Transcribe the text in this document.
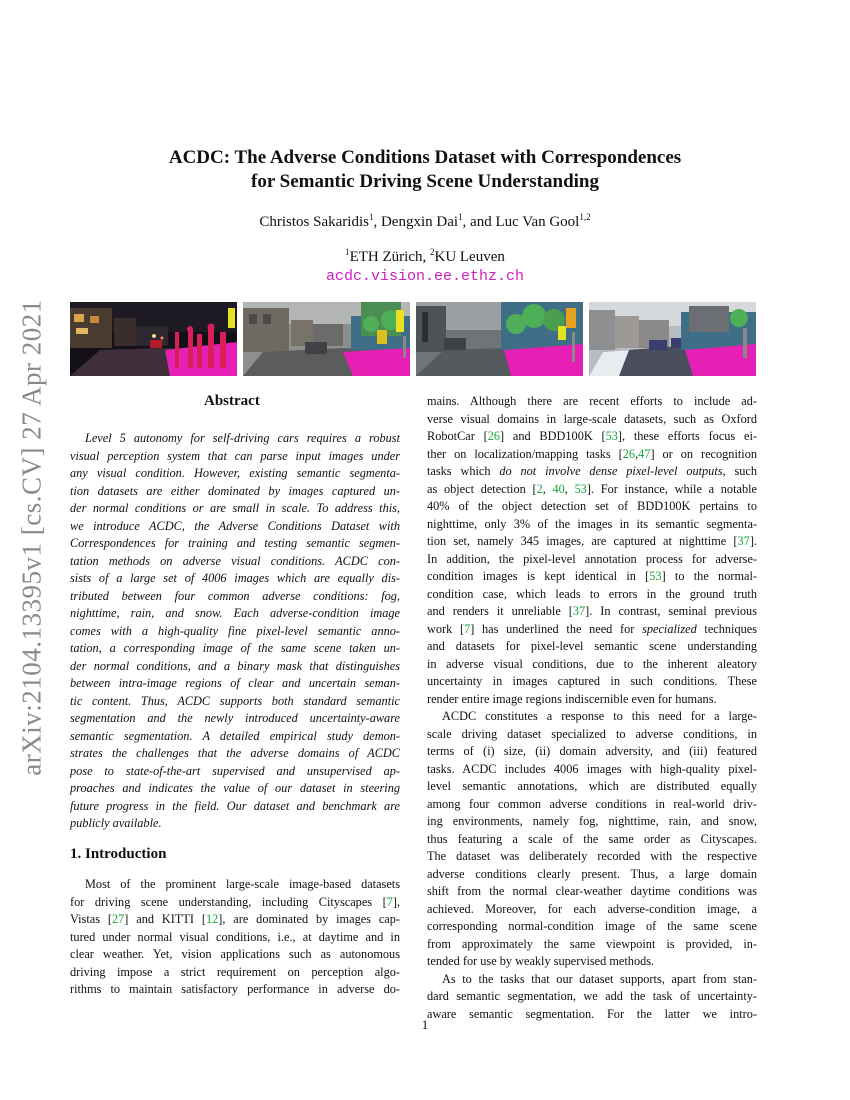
arXiv:2104.13395v1 [cs.CV] 27 Apr 2021
ACDC: The Adverse Conditions Dataset with Correspondences
for Semantic Driving Scene Understanding
Christos Sakaridis$^1$, Dengxin Dai$^1$, and Luc Van Gool$^{1,2}$
$^1$ETH Zürich, $^2$KU Leuven
acdc.vision.ee.ethz.ch
Abstract
Level 5 autonomy for self-driving cars requires a robust
visual perception system that can parse input images under
any visual condition. However, existing semantic segmenta-
tion datasets are either dominated by images captured un-
der normal conditions or are small in scale. To address this,
we introduce ACDC, the Adverse Conditions Dataset with
Correspondences for training and testing semantic segmen-
tation methods on adverse visual conditions. ACDC con-
sists of a large set of 4006 images which are equally dis-
tributed between four common adverse conditions: fog,
nighttime, rain, and snow. Each adverse-condition image
comes with a high-quality fine pixel-level semantic anno-
tation, a corresponding image of the same scene taken un-
der normal conditions, and a binary mask that distinguishes
between intra-image regions of clear and uncertain seman-
tic content. Thus, ACDC supports both standard semantic
segmentation and the newly introduced uncertainty-aware
semantic segmentation. A detailed empirical study demon-
strates the challenges that the adverse domains of ACDC
pose to state-of-the-art supervised and unsupervised ap-
proaches and indicates the value of our dataset in steering
future progress in the field. Our dataset and benchmark are
publicly available.
1. Introduction
Most of the prominent large-scale image-based datasets
for driving scene understanding, including Cityscapes [7],
Vistas [27] and KITTI [12], are dominated by images cap-
tured under normal visual conditions, i.e., at daytime and in
clear weather. Yet, vision applications such as autonomous
driving impose a strict requirement on perception algo-
rithms to maintain satisfactory performance in adverse do-
mains. Although there are recent efforts to include ad-
verse visual domains in large-scale datasets, such as Oxford
RobotCar [26] and BDD100K [53], these efforts focus ei-
ther on localization/mapping tasks [26,47] or on recognition
tasks which do not involve dense pixel-level outputs, such
as object detection [2, 40, 53]. For instance, while a notable
40% of the object detection set of BDD100K pertains to
nighttime, only 3% of the images in its semantic segmenta-
tion set, namely 345 images, are captured at nighttime [37].
In addition, the pixel-level annotation process for adverse-
condition images is kept identical in [53] to the normal-
condition case, which leads to errors in the ground truth
and renders it unreliable [37]. In contrast, seminal previous
work [7] has underlined the need for specialized techniques
and datasets for pixel-level semantic scene understanding
in adverse visual conditions, due to the inherent aleatory
uncertainty in images captured in such conditions. These
render entire image regions indiscernible even for humans.
ACDC constitutes a response to this need for a large-
scale driving dataset specialized to adverse conditions, in
terms of (i) size, (ii) domain adversity, and (iii) featured
tasks. ACDC includes 4006 images with high-quality pixel-
level semantic annotations, which are distributed equally
among four common adverse conditions in real-world driv-
ing environments, namely fog, nighttime, rain, and snow,
thus featuring a scale of the same order as Cityscapes.
The dataset was deliberately recorded with the respective
adverse conditions clearly present. Thus, a large domain
shift from the normal clear-weather daytime conditions was
achieved. Moreover, for each adverse-condition image, a
corresponding normal-condition image of the same scene
from approximately the same viewpoint is provided, in-
tended for use by weakly supervised methods.
As to the tasks that our dataset supports, apart from stan-
dard semantic segmentation, we add the task of uncertainty-
aware semantic segmentation. For the latter we intro-
1
